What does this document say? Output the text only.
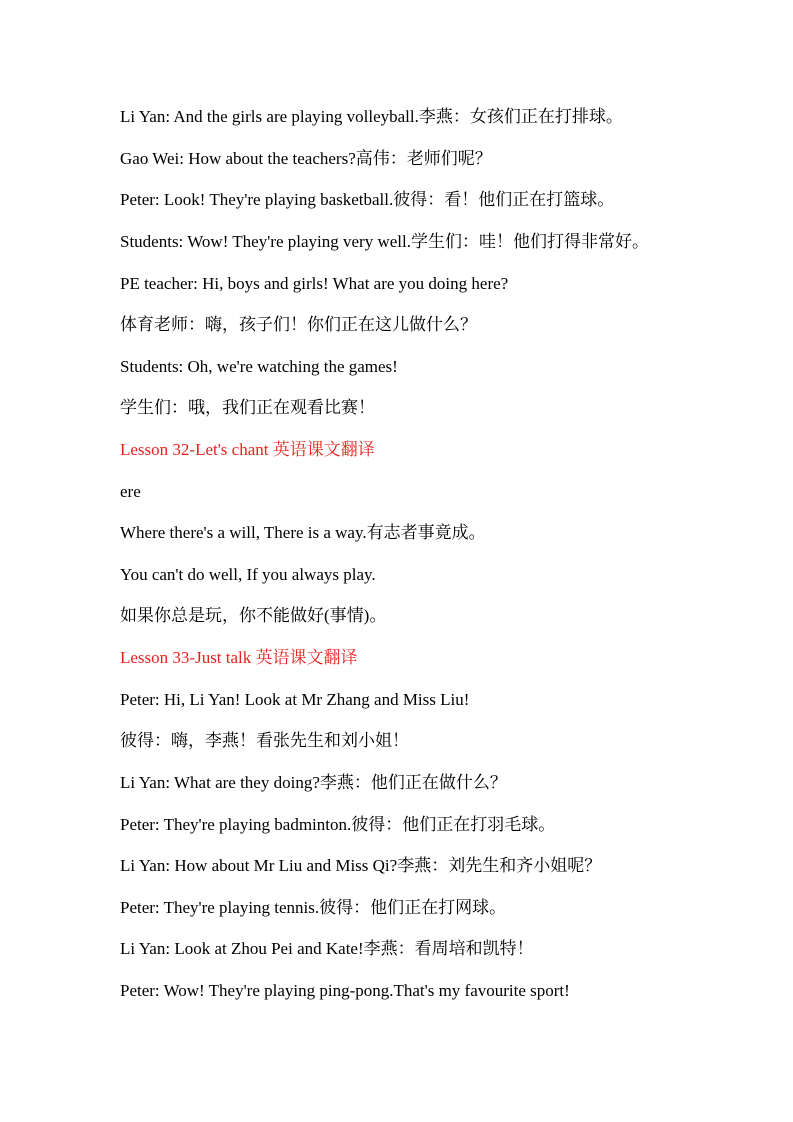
Li Yan: And the girls are playing volleyball.李燕：女孩们正在打排球。
Gao Wei: How about the teachers?高伟：老师们呢？
Peter: Look! They're playing basketball.彼得：看！他们正在打篮球。
Students: Wow! They're playing very well.学生们：哇！他们打得非常好。
PE teacher: Hi, boys and girls! What are you doing here?
体育老师：嗨，孩子们！你们正在这儿做什么？
Students: Oh, we're watching the games!
学生们：哦，我们正在观看比赛！
Lesson 32-Let's chant 英语课文翻译
ere
Where there's a will, There is a way.有志者事竟成。
You can't do well, If you always play.
如果你总是玩，你不能做好(事情)。
Lesson 33-Just talk 英语课文翻译
Peter: Hi, Li Yan! Look at Mr Zhang and Miss Liu!
彼得：嗨，李燕！看张先生和刘小姐！
Li Yan: What are they doing?李燕：他们正在做什么？
Peter: They're playing badminton.彼得：他们正在打羽毛球。
Li Yan: How about Mr Liu and Miss Qi?李燕：刘先生和齐小姐呢？
Peter: They're playing tennis.彼得：他们正在打网球。
Li Yan: Look at Zhou Pei and Kate!李燕：看周培和凯特！
Peter: Wow! They're playing ping-pong.That's my favourite sport!
